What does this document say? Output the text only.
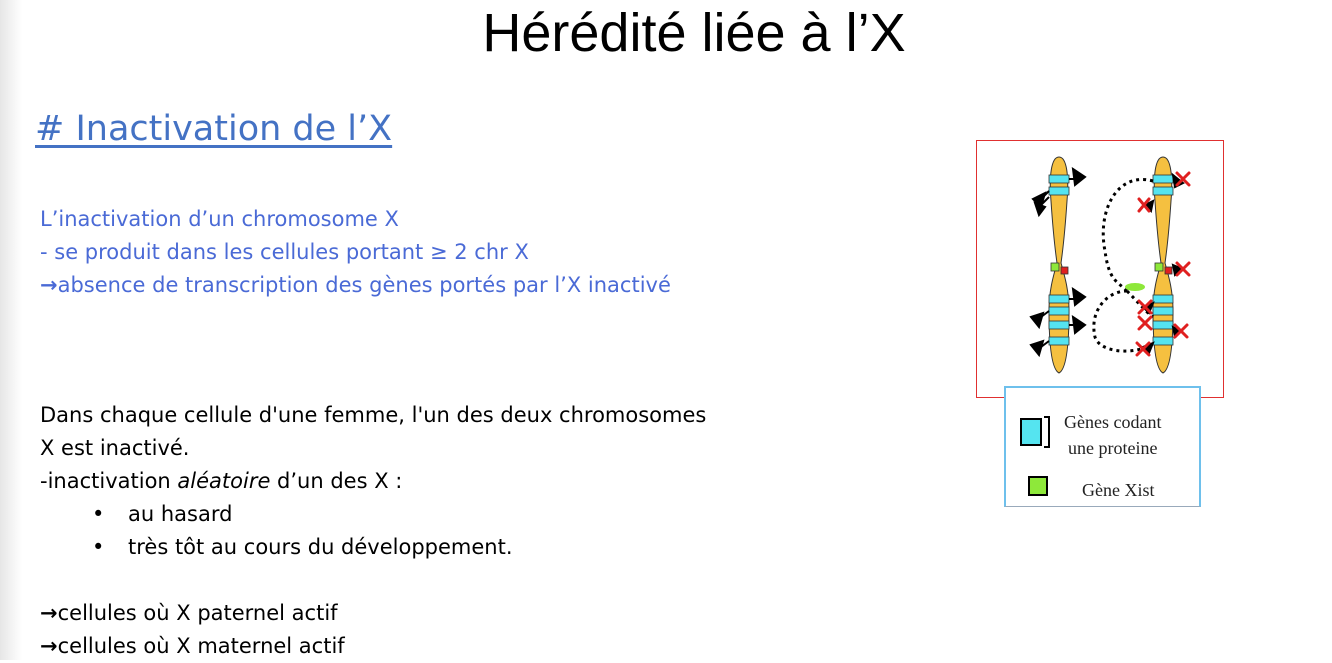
Hérédité liée à l’X
# Inactivation de l’X
L’inactivation d’un chromosome X
- se produit dans les cellules portant ≥ 2 chr X
→absence de transcription des gènes portés par l’X inactivé
Dans chaque cellule d'une femme, l'un des deux chromosomes
X est inactivé.
-inactivation aléatoire d’un des X :
• au hasard
• très tôt au cours du développement.
→cellules où X paternel actif
→cellules où X maternel actif
Gènes codant
une proteine
Gène Xist
